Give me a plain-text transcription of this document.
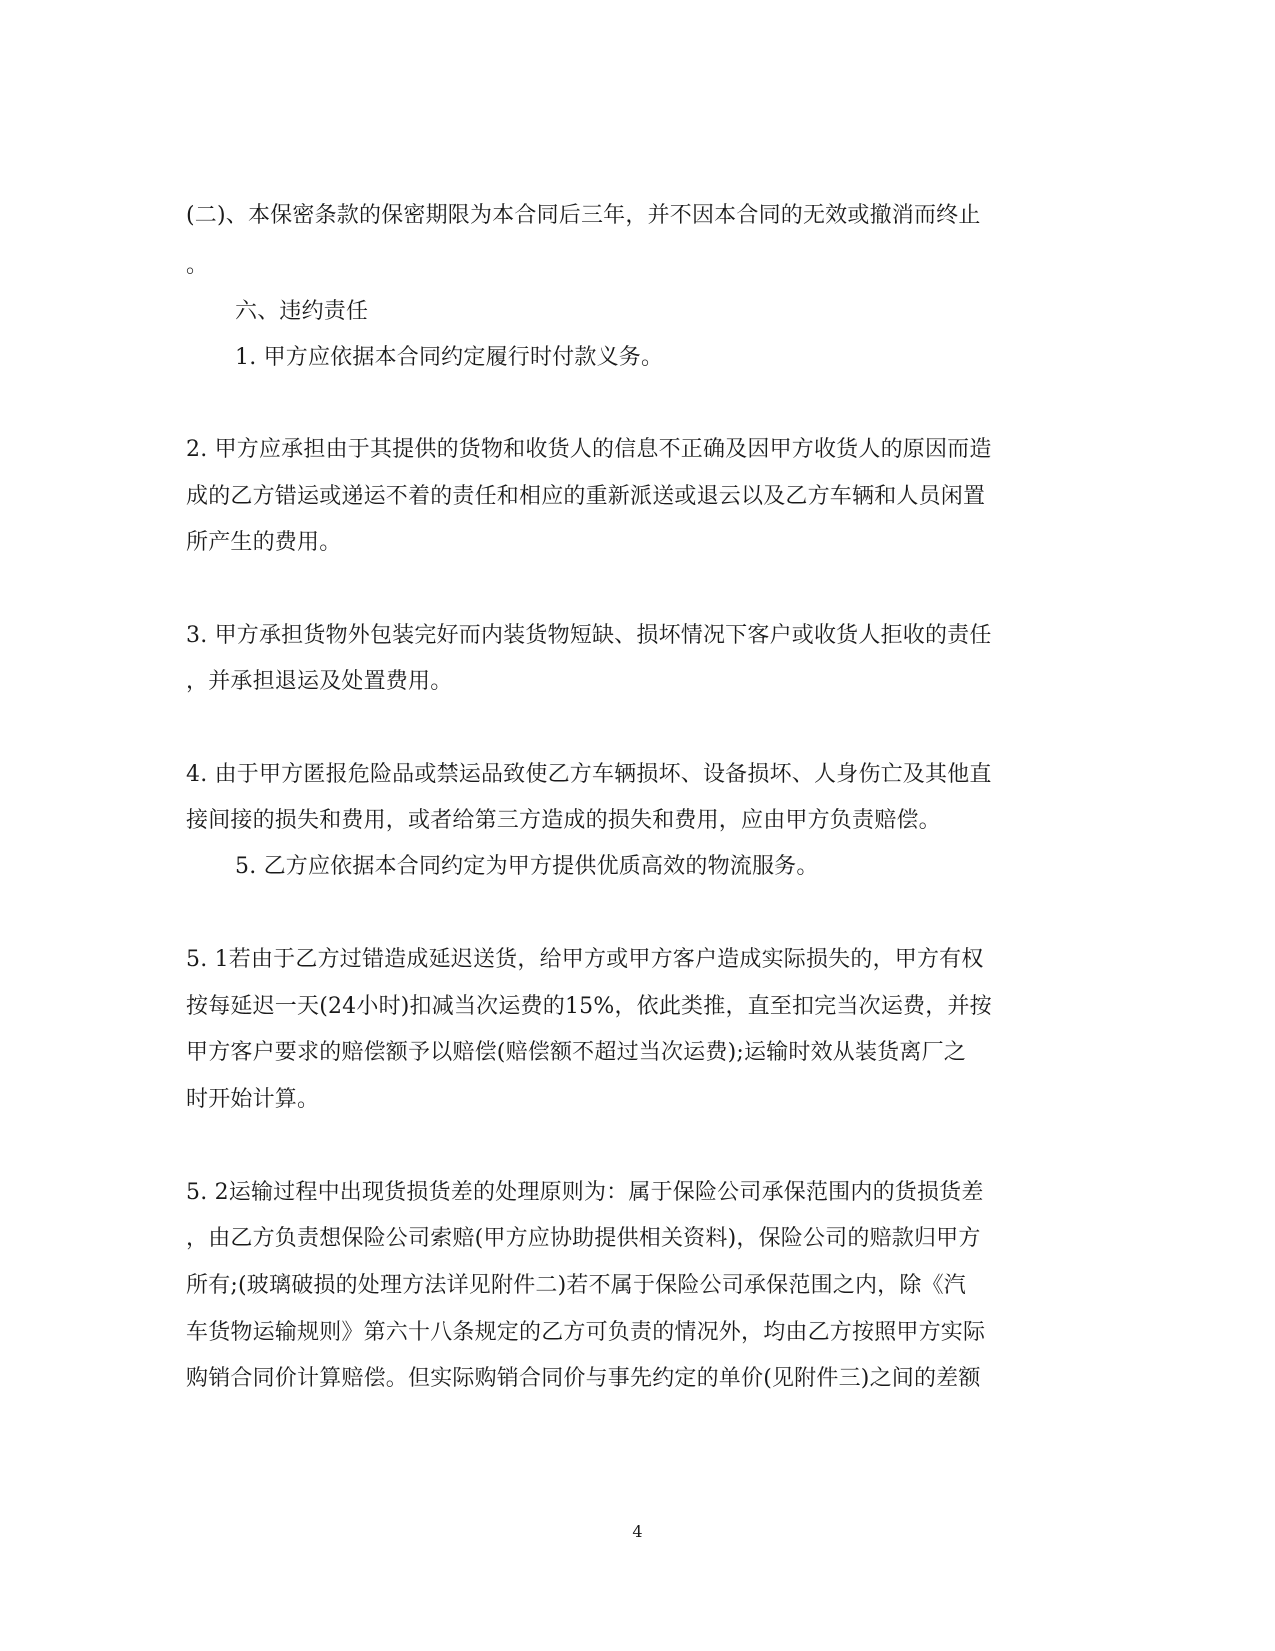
(二)、本保密条款的保密期限为本合同后三年，并不因本合同的无效或撤消而终止
。
六、违约责任
1. 甲方应依据本合同约定履行时付款义务。
2. 甲方应承担由于其提供的货物和收货人的信息不正确及因甲方收货人的原因而造
成的乙方错运或递运不着的责任和相应的重新派送或退云以及乙方车辆和人员闲置
所产生的费用。
3. 甲方承担货物外包装完好而内装货物短缺、损坏情况下客户或收货人拒收的责任
，并承担退运及处置费用。
4. 由于甲方匿报危险品或禁运品致使乙方车辆损坏、设备损坏、人身伤亡及其他直
接间接的损失和费用，或者给第三方造成的损失和费用，应由甲方负责赔偿。
5. 乙方应依据本合同约定为甲方提供优质高效的物流服务。
5. 1若由于乙方过错造成延迟送货，给甲方或甲方客户造成实际损失的，甲方有权
按每延迟一天(24小时)扣减当次运费的15%，依此类推，直至扣完当次运费，并按
甲方客户要求的赔偿额予以赔偿(赔偿额不超过当次运费);运输时效从装货离厂之
时开始计算。
5. 2运输过程中出现货损货差的处理原则为：属于保险公司承保范围内的货损货差
，由乙方负责想保险公司索赔(甲方应协助提供相关资料)，保险公司的赔款归甲方
所有;(玻璃破损的处理方法详见附件二)若不属于保险公司承保范围之内，除《汽
车货物运输规则》第六十八条规定的乙方可负责的情况外，均由乙方按照甲方实际
购销合同价计算赔偿。但实际购销合同价与事先约定的单价(见附件三)之间的差额
4
